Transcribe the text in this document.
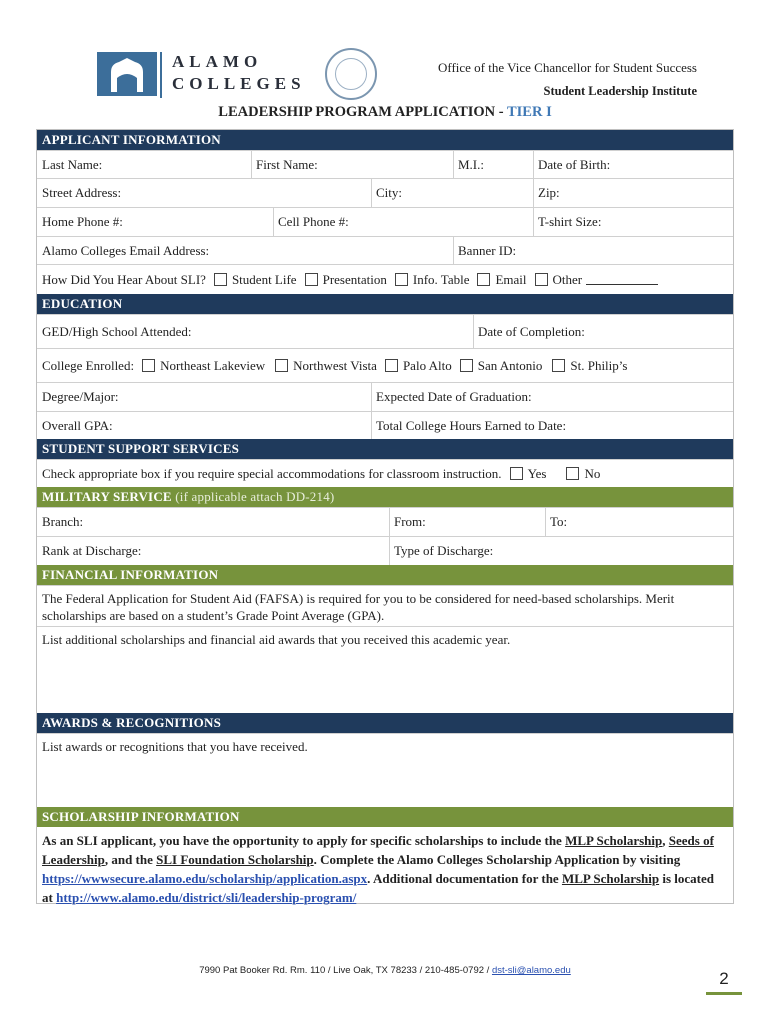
ALAMO
COLLEGES
Office of the Vice Chancellor for Student Success
Student Leadership Institute
LEADERSHIP PROGRAM APPLICATION - TIER I
APPLICANT INFORMATION
Last Name:	First Name:	M.I.:	Date of Birth:
Street Address:	City:	Zip:
Home Phone #:	Cell Phone #:	T-shirt Size:
Alamo Colleges Email Address:	Banner ID:
How Did You Hear About SLI? Student Life Presentation Info. Table Email Other
EDUCATION
GED/High School Attended:	Date of Completion:
College Enrolled: Northeast Lakeview Northwest Vista Palo Alto San Antonio St. Philip’s
Degree/Major:	Expected Date of Graduation:
Overall GPA:	Total College Hours Earned to Date:
STUDENT SUPPORT SERVICES
Check appropriate box if you require special accommodations for classroom instruction. Yes	No
MILITARY SERVICE (if applicable attach DD-214)
Branch:	From:	To:
Rank at Discharge:	Type of Discharge:
FINANCIAL INFORMATION
The Federal Application for Student Aid (FAFSA) is required for you to be considered for need-based scholarships. Merit scholarships are based on a student’s Grade Point Average (GPA).
List additional scholarships and financial aid awards that you received this academic year.
AWARDS & RECOGNITIONS
List awards or recognitions that you have received.
SCHOLARSHIP INFORMATION
As an SLI applicant, you have the opportunity to apply for specific scholarships to include the MLP Scholarship, Seeds of Leadership, and the SLI Foundation Scholarship. Complete the Alamo Colleges Scholarship Application by visiting https://wwwsecure.alamo.edu/scholarship/application.aspx. Additional documentation for the MLP Scholarship is located at http://www.alamo.edu/district/sli/leadership-program/
7990 Pat Booker Rd. Rm. 110 / Live Oak, TX 78233 / 210-485-0792 / dst-sli@alamo.edu	2
